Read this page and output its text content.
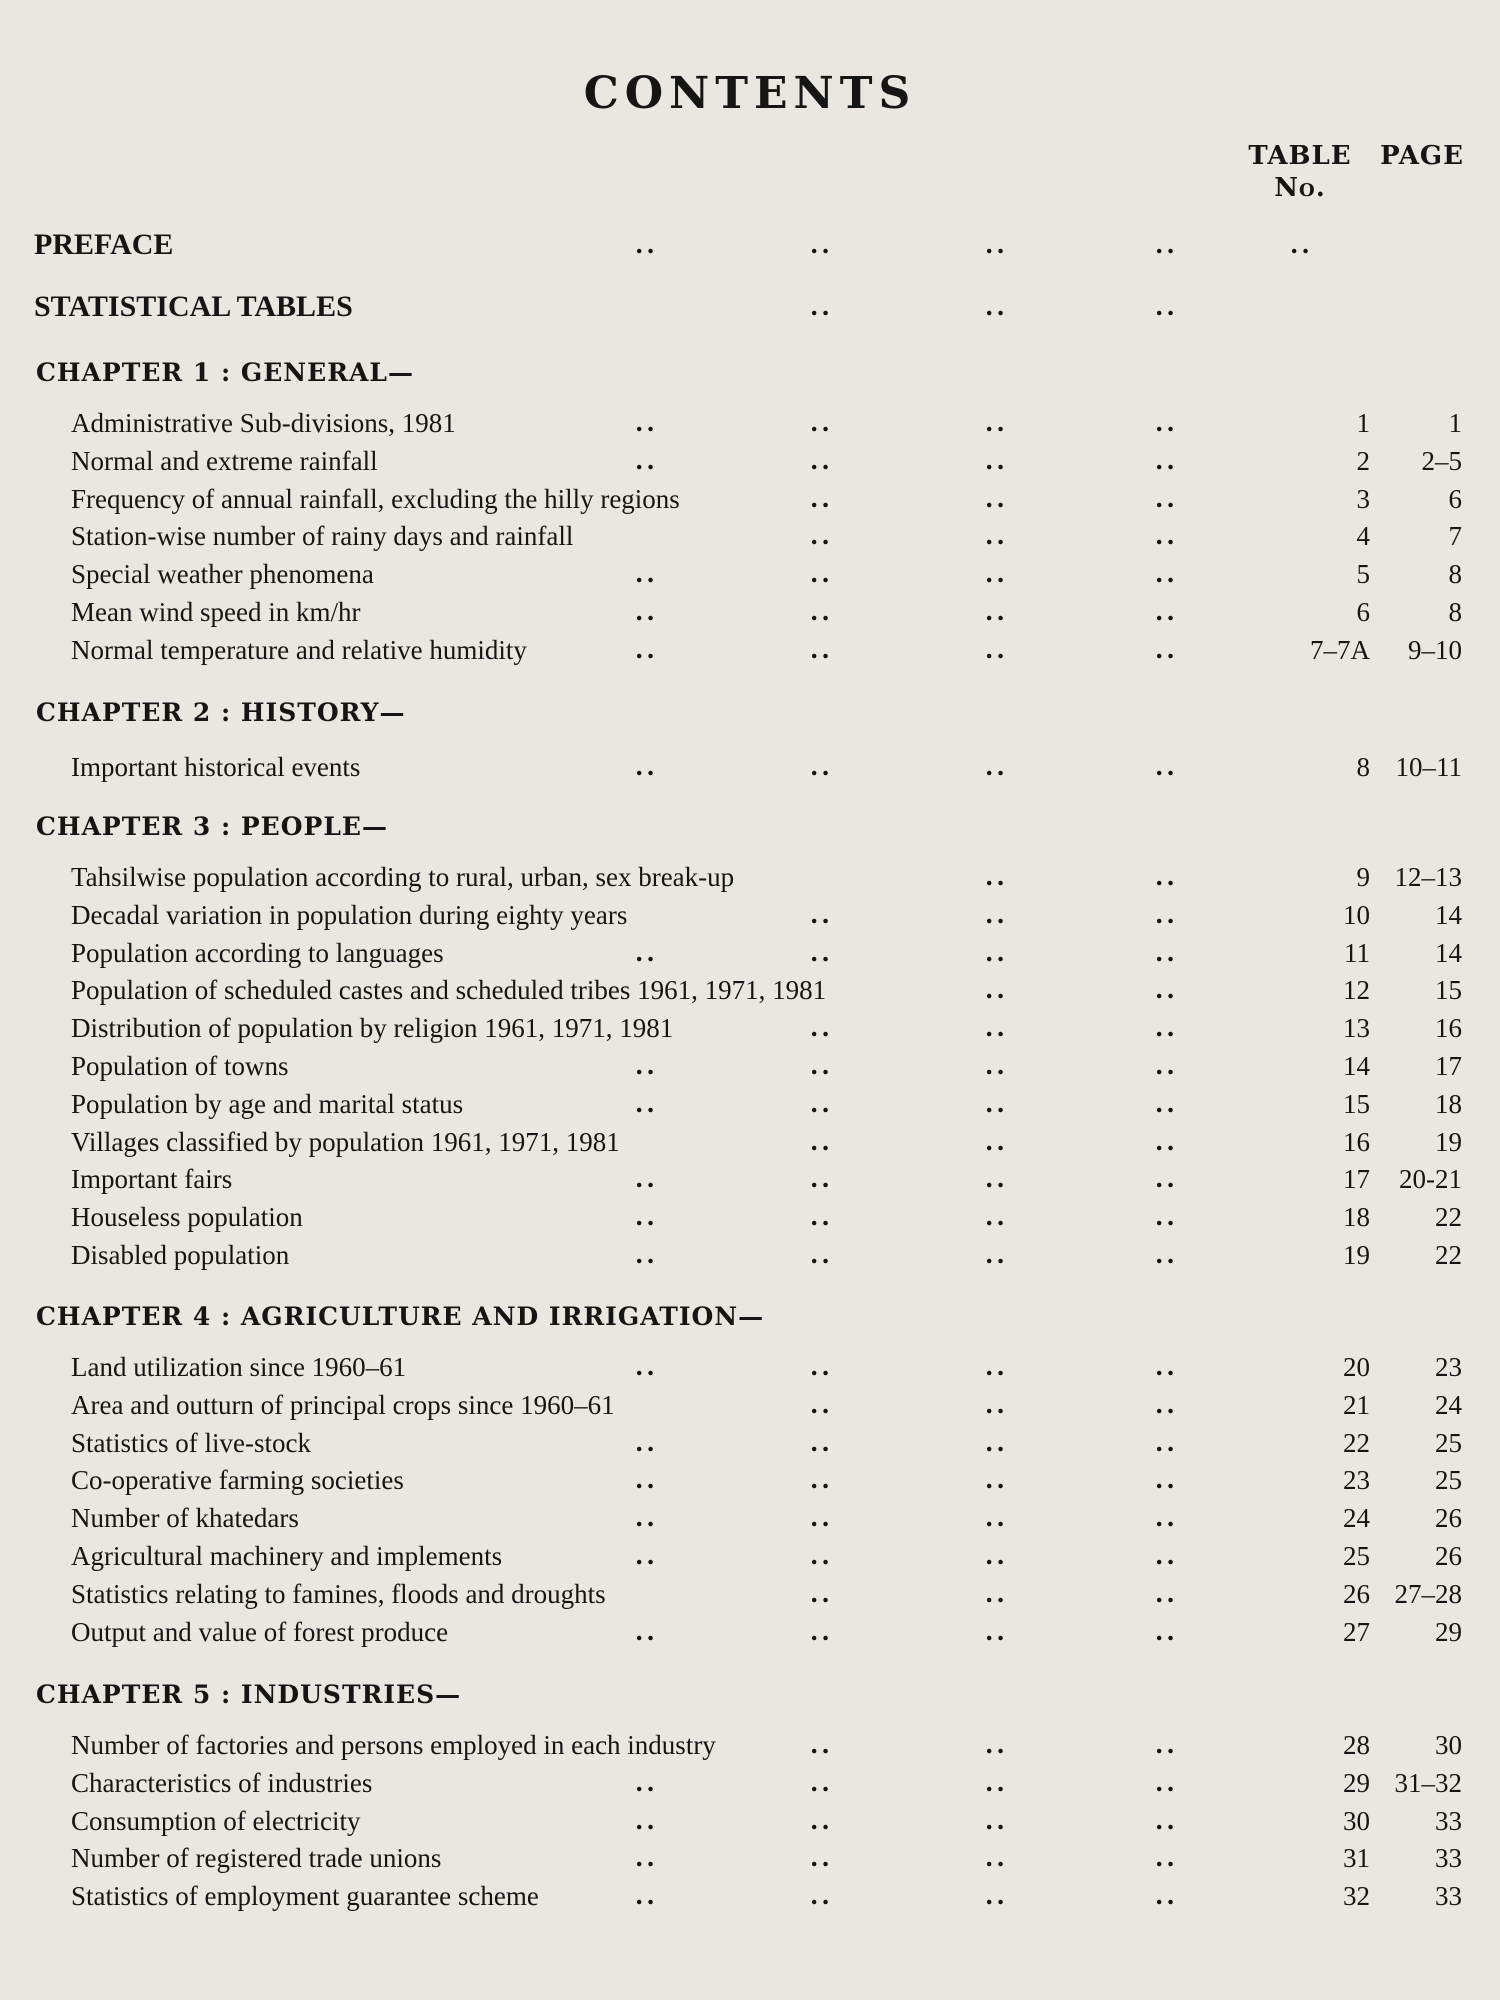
CONTENTS
TABLE
No.
PAGE
PREFACE
STATISTICAL TABLES
CHAPTER 1 : GENERAL—
Administrative Sub-divisions, 1981	..	..	..	..	1	1
Normal and extreme rainfall	..	..	..	..	2	2–5
Frequency of annual rainfall, excluding the hilly regions	..	..	..	3	6
Station-wise number of rainy days and rainfall	..	..	..	4	7
Special weather phenomena	..	..	..	..	5	8
Mean wind speed in km/hr	..	..	..	..	6	8
Normal temperature and relative humidity	..	..	..	..	7–7A	9–10
CHAPTER 2 : HISTORY—
Important historical events	..	..	..	..	8 10–11
CHAPTER 3 : PEOPLE—
Tahsilwise population according to rural, urban, sex break-up	..	..	9 12–13
Decadal variation in population during eighty years	..	..	..	10	14
Population according to languages	..	..	..	..	11	14
Population of scheduled castes and scheduled tribes 1961, 1971, 1981	..	..	12	15
Distribution of population by religion 1961, 1971, 1981	..	..	..	13	16
Population of towns	..	..	..	..	14	17
Population by age and marital status	..	..	..	..	15	18
Villages classified by population 1961, 1971, 1981	..	..	..	16	19
Important fairs	..	..	..	..	17	20-21
Houseless population	..	..	..	..	18	22
Disabled population	..	..	..	..	19	22
CHAPTER 4 : AGRICULTURE AND IRRIGATION—
Land utilization since 1960–61	..	..	..	..	20	23
Area and outturn of principal crops since 1960–61	..	..	..	21	24
Statistics of live-stock	..	..	..	..	22	25
Co-operative farming societies	..	..	..	..	23	25
Number of khatedars	..	..	..	..	24	26
Agricultural machinery and implements	..	..	..	..	25	26
Statistics relating to famines, floods and droughts	..	..	..	26 27–28
Output and value of forest produce	..	..	..	..	27	29
CHAPTER 5 : INDUSTRIES—
Number of factories and persons employed in each industry	..	..	..	28	30
Characteristics of industries	..	..	..	..	29 31–32
Consumption of electricity	..	..	..	..	30	33
Number of registered trade unions	..	..	..	..	31	33
Statistics of employment guarantee scheme	..	..	..	..	32	33
..	..	..	..	..
..	..	..
